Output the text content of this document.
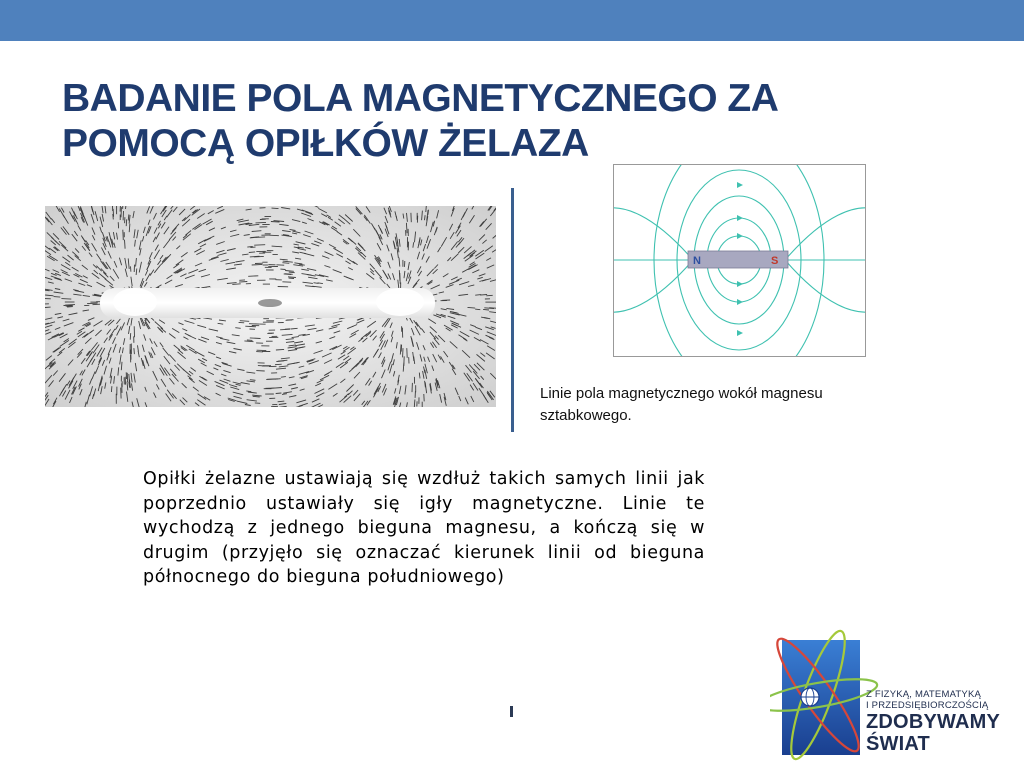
BADANIE POLA MAGNETYCZNEGO ZA
POMOCĄ OPIŁKÓW ŻELAZA
N	S
Linie pola magnetycznego wokół magnesu sztabkowego.
Opiłki żelazne ustawiają się wzdłuż takich samych linii jak poprzednio ustawiały się igły magnetyczne. Linie te wychodzą z jednego bieguna magnesu, a kończą się w drugim (przyjęło się oznaczać kierunek linii od bieguna północnego do bieguna południowego)
Z FIZYKĄ, MATEMATYKĄ
I PRZEDSIĘBIORCZOŚCIĄ
ZDOBYWAMY
ŚWIAT
